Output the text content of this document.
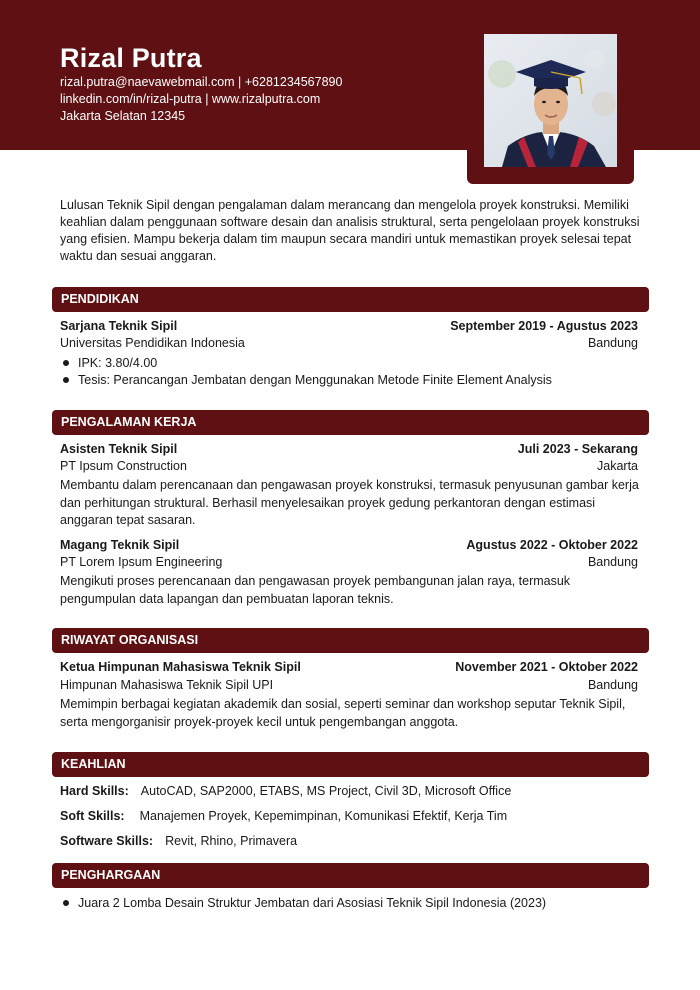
Rizal Putra
rizal.putra@naevawebmail.com | +6281234567890
linkedin.com/in/rizal-putra | www.rizalputra.com
Jakarta Selatan 12345
Lulusan Teknik Sipil dengan pengalaman dalam merancang dan mengelola proyek konstruksi. Memiliki keahlian dalam penggunaan software desain dan analisis struktural, serta pengelolaan proyek konstruksi yang efisien. Mampu bekerja dalam tim maupun secara mandiri untuk memastikan proyek selesai tepat waktu dan sesuai anggaran.
PENDIDIKAN
Sarjana Teknik Sipil	September 2019 - Agustus 2023
Universitas Pendidikan Indonesia	Bandung
IPK: 3.80/4.00
Tesis: Perancangan Jembatan dengan Menggunakan Metode Finite Element Analysis
PENGALAMAN KERJA
Asisten Teknik Sipil	Juli 2023 - Sekarang
PT Ipsum Construction	Jakarta
Membantu dalam perencanaan dan pengawasan proyek konstruksi, termasuk penyusunan gambar kerja dan perhitungan struktural. Berhasil menyelesaikan proyek gedung perkantoran dengan estimasi anggaran tepat sasaran.
Magang Teknik Sipil	Agustus 2022 - Oktober 2022
PT Lorem Ipsum Engineering	Bandung
Mengikuti proses perencanaan dan pengawasan proyek pembangunan jalan raya, termasuk pengumpulan data lapangan dan pembuatan laporan teknis.
RIWAYAT ORGANISASI
Ketua Himpunan Mahasiswa Teknik Sipil	November 2021 - Oktober 2022
Himpunan Mahasiswa Teknik Sipil UPI	Bandung
Memimpin berbagai kegiatan akademik dan sosial, seperti seminar dan workshop seputar Teknik Sipil, serta mengorganisir proyek-proyek kecil untuk pengembangan anggota.
KEAHLIAN
Hard Skills: AutoCAD, SAP2000, ETABS, MS Project, Civil 3D, Microsoft Office
Soft Skills: Manajemen Proyek, Kepemimpinan, Komunikasi Efektif, Kerja Tim
Software Skills: Revit, Rhino, Primavera
PENGHARGAAN
Juara 2 Lomba Desain Struktur Jembatan dari Asosiasi Teknik Sipil Indonesia (2023)
